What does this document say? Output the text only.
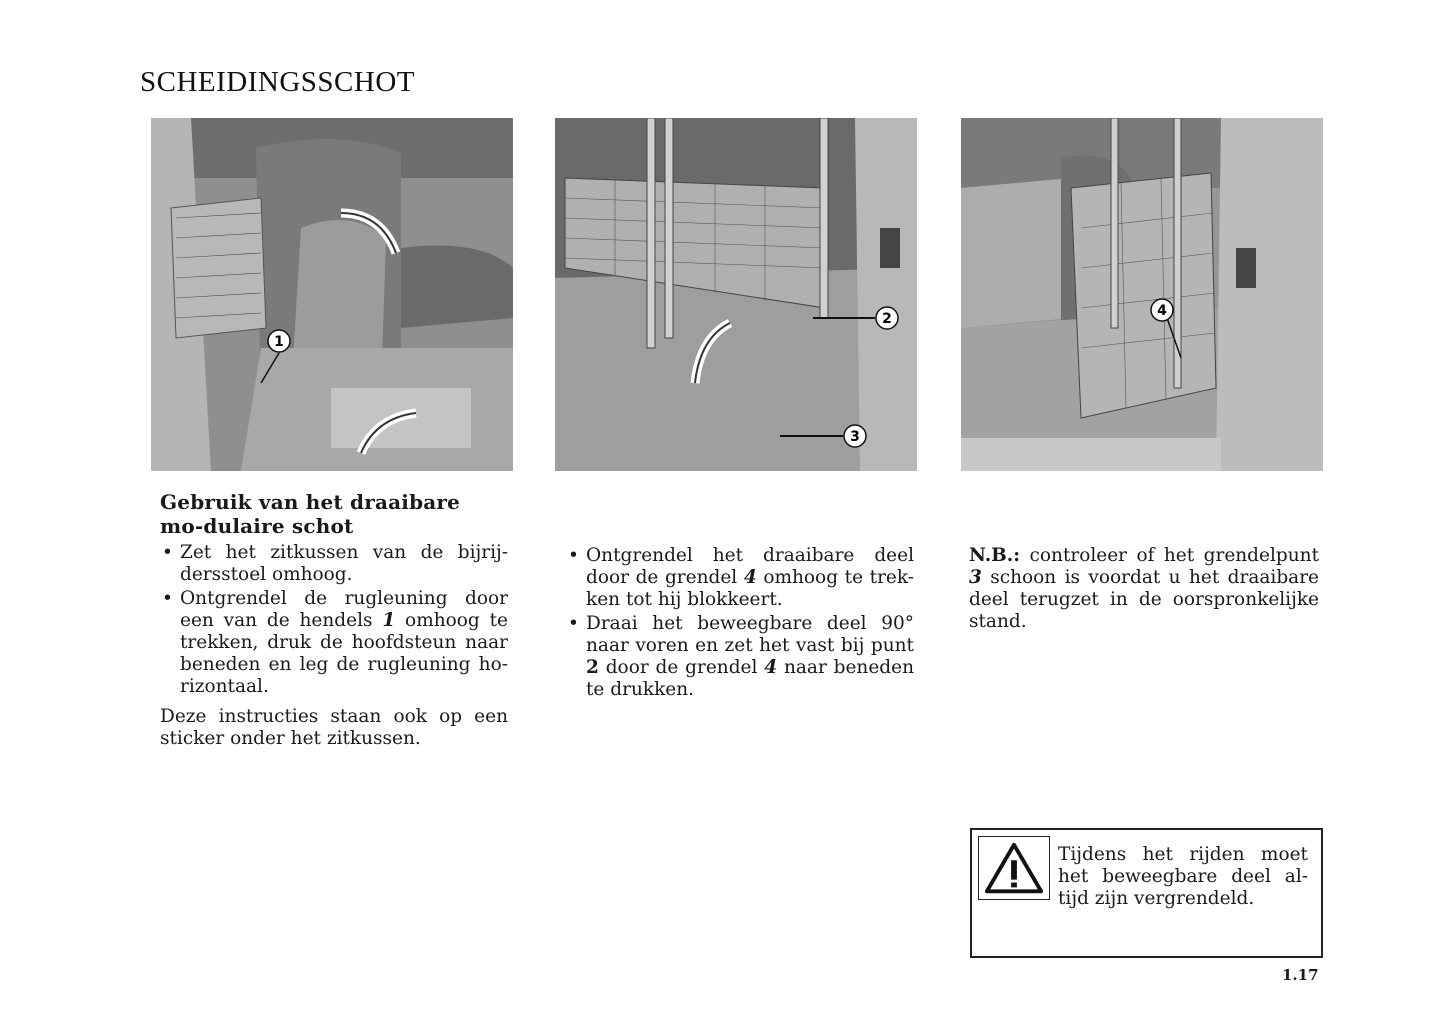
SCHEIDINGSSCHOT
1
2
3
4
Gebruik van het draaibare mo-dulaire schot
• Zet het zitkussen van de bijrij-dersstoel omhoog.
• Ontgrendel de rugleuning door een van de hendels 1 omhoog te trekken, druk de hoofdsteun naar beneden en leg de rugleuning ho-rizontaal.

Deze instructies staan ook op een sticker onder het zitkussen.

• Ontgrendel het draaibare deel door de grendel 4 omhoog te trek-ken tot hij blokkeert.
• Draai het beweegbare deel 90° naar voren en zet het vast bij punt 2 door de grendel 4 naar beneden te drukken.

N.B.: controleer of het grendelpunt 3 schoon is voordat u het draaibare deel terugzet in de oorspronkelijke stand.

Tijdens het rijden moet het beweegbare deel al-tijd zijn vergrendeld.
1.17
